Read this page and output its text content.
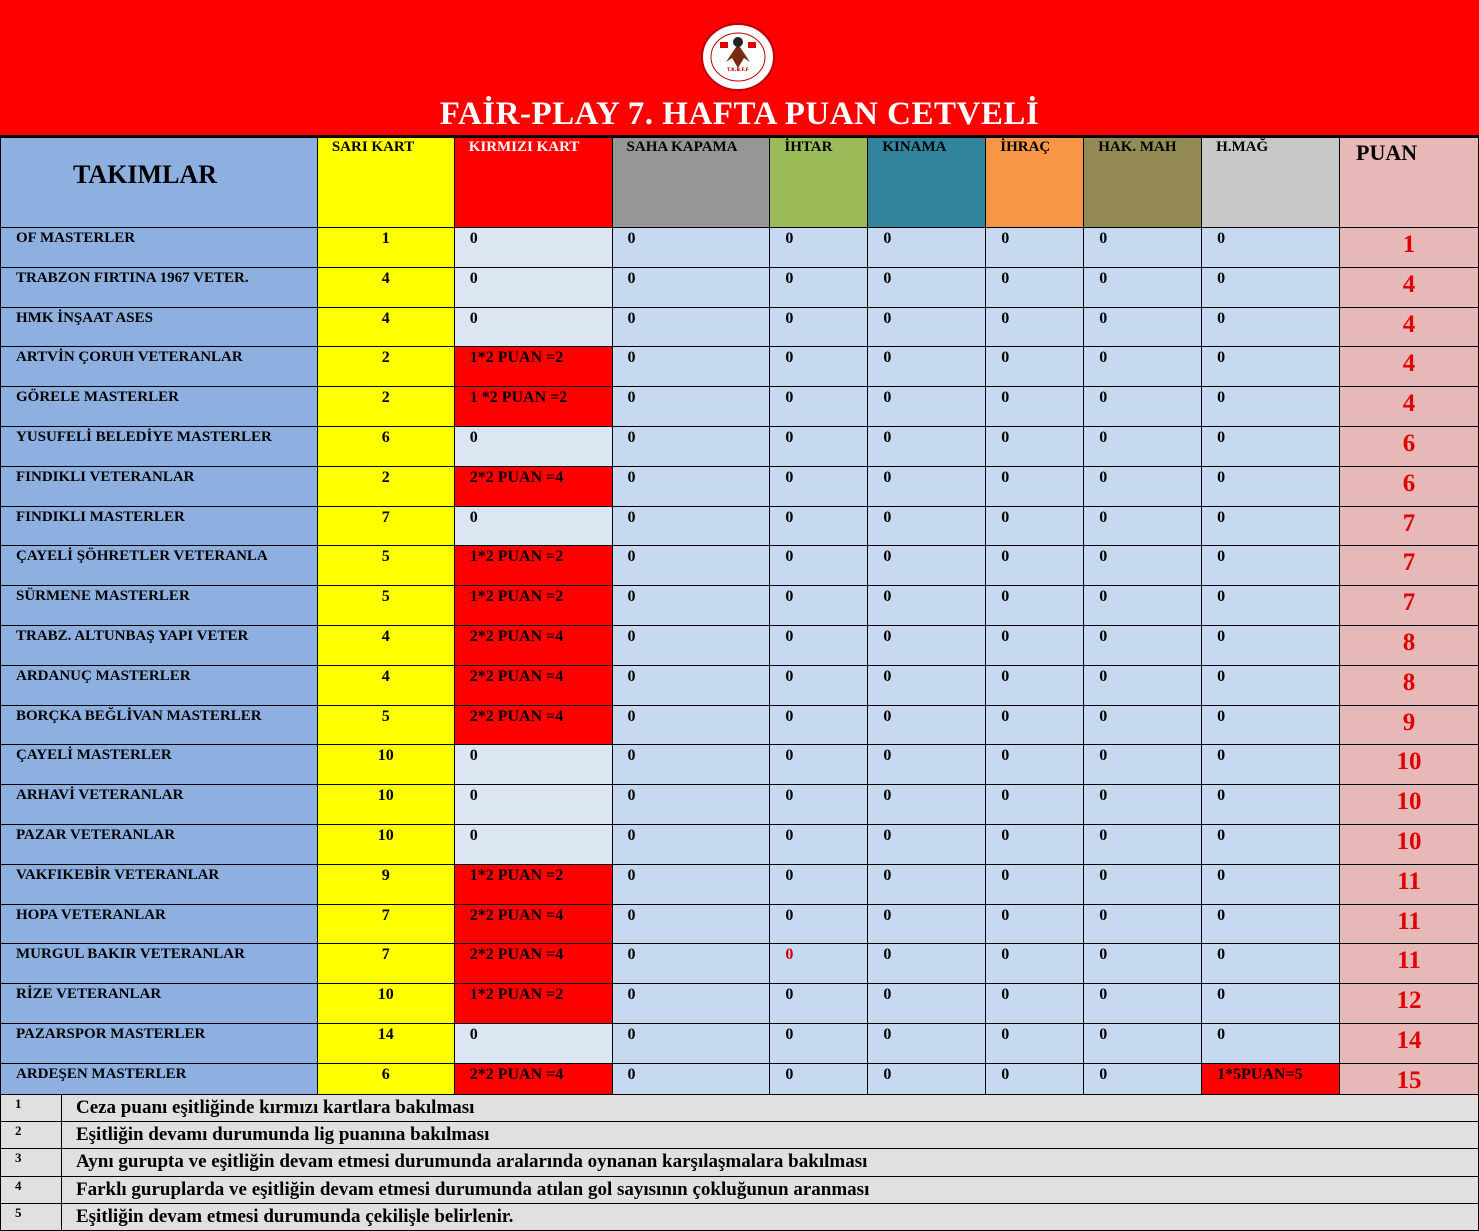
T.K.B.F.F
FAİR-PLAY 7. HAFTA PUAN CETVELİ
TAKIMLAR	SARI KART	KIRMIZI KART	SAHA KAPAMA	İHTAR	KINAMA	İHRAÇ	HAK. MAH	H.MAĞ	PUAN
OF MASTERLER	1	0	0	0	0	0	0	0	1
TRABZON FIRTINA 1967 VETER.	4	0	0	0	0	0	0	0	4
HMK İNŞAAT ASES	4	0	0	0	0	0	0	0	4
ARTVİN ÇORUH VETERANLAR	2	1*2 PUAN =2	0	0	0	0	0	0	4
GÖRELE MASTERLER	2	1 *2 PUAN =2	0	0	0	0	0	0	4
YUSUFELİ BELEDİYE MASTERLER	6	0	0	0	0	0	0	0	6
FINDIKLI VETERANLAR	2	2*2 PUAN =4	0	0	0	0	0	0	6
FINDIKLI MASTERLER	7	0	0	0	0	0	0	0	7
ÇAYELİ ŞÖHRETLER VETERANLA	5	1*2 PUAN =2	0	0	0	0	0	0	7
SÜRMENE MASTERLER	5	1*2 PUAN =2	0	0	0	0	0	0	7
TRABZ. ALTUNBAŞ YAPI VETER	4	2*2 PUAN =4	0	0	0	0	0	0	8
ARDANUÇ MASTERLER	4	2*2 PUAN =4	0	0	0	0	0	0	8
BORÇKA BEĞLİVAN MASTERLER	5	2*2 PUAN =4	0	0	0	0	0	0	9
ÇAYELİ MASTERLER	10	0	0	0	0	0	0	0	10
ARHAVİ VETERANLAR	10	0	0	0	0	0	0	0	10
PAZAR VETERANLAR	10	0	0	0	0	0	0	0	10
VAKFIKEBİR VETERANLAR	9	1*2 PUAN =2	0	0	0	0	0	0	11
HOPA VETERANLAR	7	2*2 PUAN =4	0	0	0	0	0	0	11
MURGUL BAKIR VETERANLAR	7	2*2 PUAN =4	0	0	0	0	0	0	11
RİZE VETERANLAR	10	1*2 PUAN =2	0	0	0	0	0	0	12
PAZARSPOR MASTERLER	14	0	0	0	0	0	0	0	14
ARDEŞEN MASTERLER	6	2*2 PUAN =4	0	0	0	0	0	1*5PUAN=5	15
1	Ceza puanı eşitliğinde kırmızı kartlara bakılması
2	Eşitliğin devamı durumunda lig puanına bakılması
3	Aynı gurupta ve eşitliğin devam etmesi durumunda aralarında oynanan karşılaşmalara bakılması
4	Farklı guruplarda ve eşitliğin devam etmesi durumunda atılan gol sayısının çokluğunun aranması
5	Eşitliğin devam etmesi durumunda çekilişle belirlenir.
